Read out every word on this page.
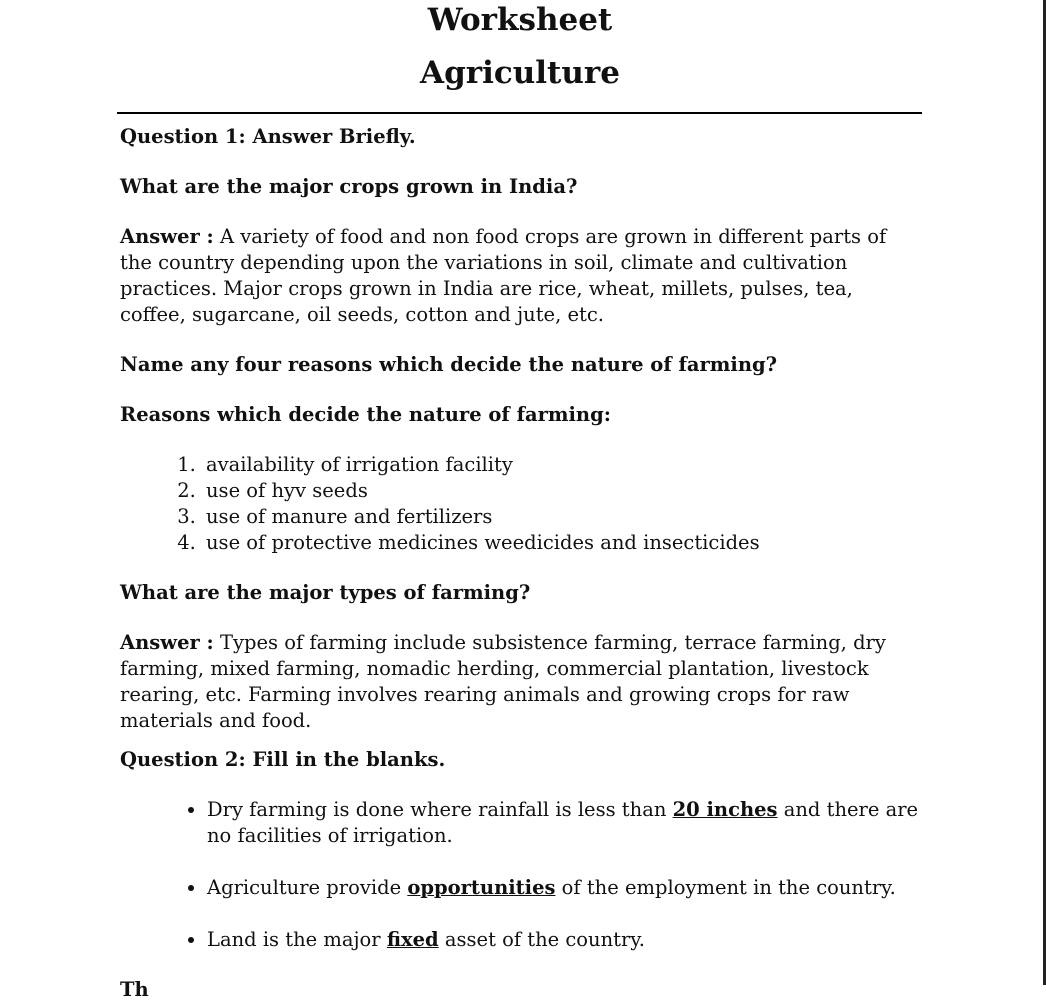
Worksheet
Agriculture

Question 1: Answer Briefly.

What are the major crops grown in India?

Answer : A variety of food and non food crops are grown in different parts of the country depending upon the variations in soil, climate and cultivation practices. Major crops grown in India are rice, wheat, millets, pulses, tea, coffee, sugarcane, oil seeds, cotton and jute, etc.

Name any four reasons which decide the nature of farming?

Reasons which decide the nature of farming:

1. availability of irrigation facility
2. use of hyv seeds
3. use of manure and fertilizers
4. use of protective medicines weedicides and insecticides

What are the major types of farming?

Answer : Types of farming include subsistence farming, terrace farming, dry farming, mixed farming, nomadic herding, commercial plantation, livestock rearing, etc. Farming involves rearing animals and growing crops for raw materials and food.

Question 2: Fill in the blanks.

• Dry farming is done where rainfall is less than 20 inches and there are no facilities of irrigation.
• Agriculture provide opportunities of the employment in the country.
• Land is the major fixed asset of the country.
Th
